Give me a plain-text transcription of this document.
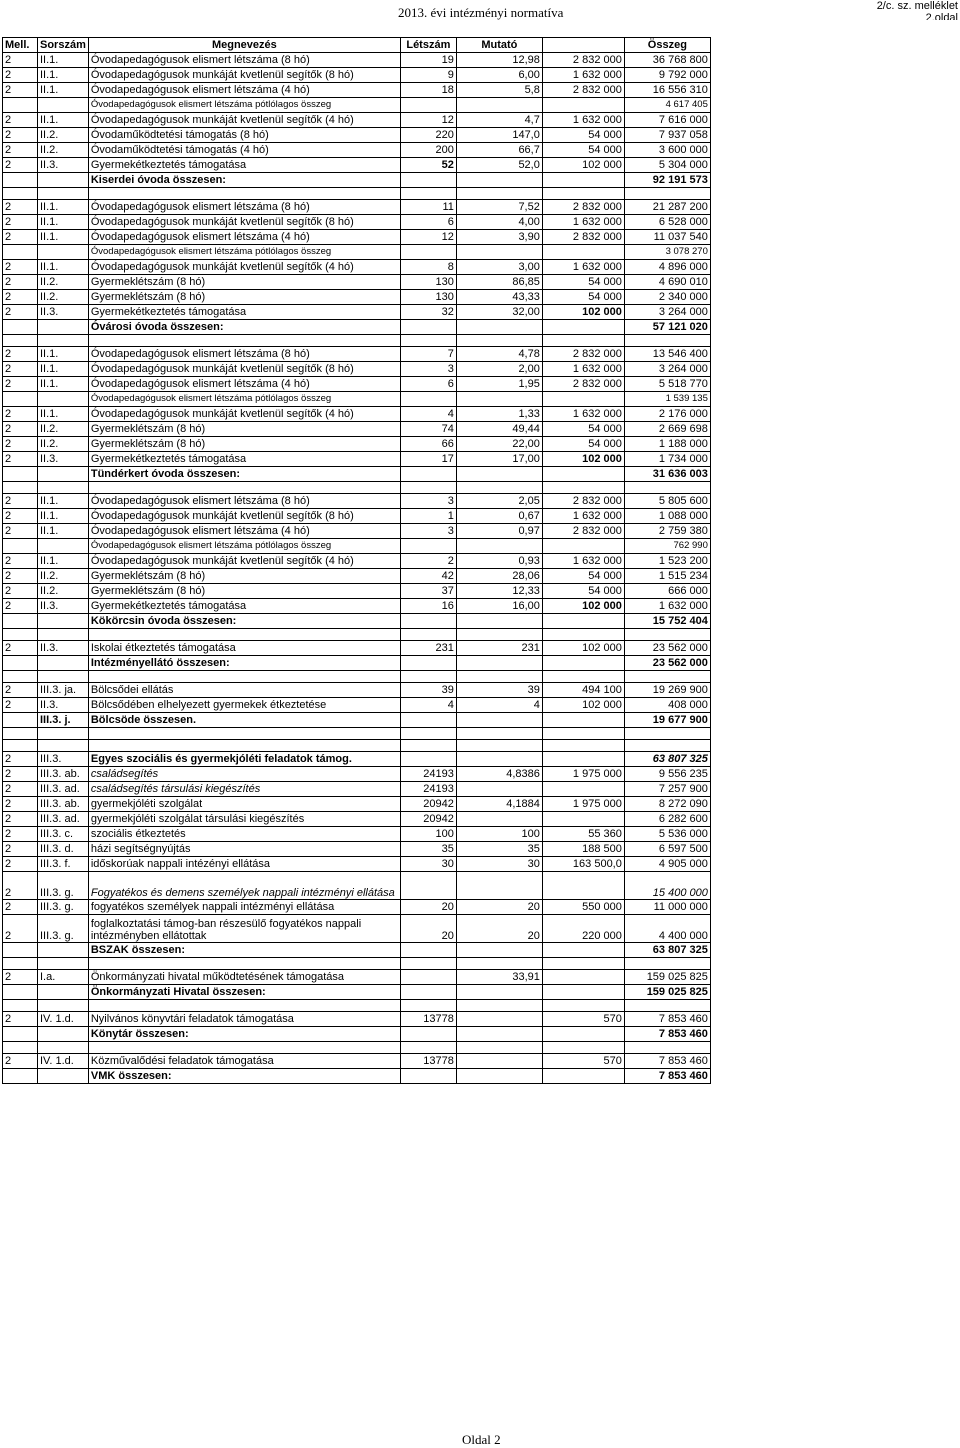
2013. évi intézményi normatíva	2/c. sz. melléklet
2.oldal
Mell.	Sorszám	Megnevezés	Létszám	Mutató		Összeg
2	II.1.	Óvodapedagógusok elismert létszáma (8 hó)	19	12,98	2 832 000	36 768 800
2	II.1.	Óvodapedagógusok munkáját kvetlenül segítők (8 hó)	9	6,00	1 632 000	9 792 000
2	II.1.	Óvodapedagógusok elismert létszáma (4 hó)	18	5,8	2 832 000	16 556 310
		Óvodapedagógusok elismert létszáma pótlólagos összeg				4 617 405
2	II.1.	Óvodapedagógusok munkáját kvetlenül segítők (4 hó)	12	4,7	1 632 000	7 616 000
2	II.2.	Óvodaműködtetési támogatás (8 hó)	220	147,0	54 000	7 937 058
2	II.2.	Óvodaműködtetési támogatás (4 hó)	200	66,7	54 000	3 600 000
2	II.3.	Gyermekétkeztetés támogatása	52	52,0	102 000	5 304 000
		Kiserdei óvoda összesen:				92 191 573

2	II.1.	Óvodapedagógusok elismert létszáma (8 hó)	11	7,52	2 832 000	21 287 200
2	II.1.	Óvodapedagógusok munkáját kvetlenül segítők (8 hó)	6	4,00	1 632 000	6 528 000
2	II.1.	Óvodapedagógusok elismert létszáma (4 hó)	12	3,90	2 832 000	11 037 540
		Óvodapedagógusok elismert létszáma pótlólagos összeg				3 078 270
2	II.1.	Óvodapedagógusok munkáját kvetlenül segítők (4 hó)	8	3,00	1 632 000	4 896 000
2	II.2.	Gyermeklétszám (8 hó)	130	86,85	54 000	4 690 010
2	II.2.	Gyermeklétszám (8 hó)	130	43,33	54 000	2 340 000
2	II.3.	Gyermekétkeztetés támogatása	32	32,00	102 000	3 264 000
		Óvárosi óvoda összesen:				57 121 020

2	II.1.	Óvodapedagógusok elismert létszáma (8 hó)	7	4,78	2 832 000	13 546 400
2	II.1.	Óvodapedagógusok munkáját kvetlenül segítők (8 hó)	3	2,00	1 632 000	3 264 000
2	II.1.	Óvodapedagógusok elismert létszáma (4 hó)	6	1,95	2 832 000	5 518 770
		Óvodapedagógusok elismert létszáma pótlólagos összeg				1 539 135
2	II.1.	Óvodapedagógusok munkáját kvetlenül segítők (4 hó)	4	1,33	1 632 000	2 176 000
2	II.2.	Gyermeklétszám (8 hó)	74	49,44	54 000	2 669 698
2	II.2.	Gyermeklétszám (8 hó)	66	22,00	54 000	1 188 000
2	II.3.	Gyermekétkeztetés támogatása	17	17,00	102 000	1 734 000
		Tündérkert óvoda összesen:				31 636 003

2	II.1.	Óvodapedagógusok elismert létszáma (8 hó)	3	2,05	2 832 000	5 805 600
2	II.1.	Óvodapedagógusok munkáját kvetlenül segítők (8 hó)	1	0,67	1 632 000	1 088 000
2	II.1.	Óvodapedagógusok elismert létszáma (4 hó)	3	0,97	2 832 000	2 759 380
		Óvodapedagógusok elismert létszáma pótlólagos összeg				762 990
2	II.1.	Óvodapedagógusok munkáját kvetlenül segítők (4 hó)	2	0,93	1 632 000	1 523 200
2	II.2.	Gyermeklétszám (8 hó)	42	28,06	54 000	1 515 234
2	II.2.	Gyermeklétszám (8 hó)	37	12,33	54 000	666 000
2	II.3.	Gyermekétkeztetés támogatása	16	16,00	102 000	1 632 000
		Kökörcsin óvoda összesen:				15 752 404

2	II.3.	Iskolai étkeztetés támogatása	231	231	102 000	23 562 000
		Intézményellátó összesen:				23 562 000

2	III.3. ja.	Bölcsődei ellátás	39	39	494 100	19 269 900
2	II.3.	Bölcsődében elhelyezett gyermekek étkeztetése	4	4	102 000	408 000
	III.3. j.	Bölcsöde összesen.				19 677 900

2	III.3.	Egyes szociális és gyermekjóléti feladatok támog.				63 807 325
2	III.3. ab.	családsegítés	24193	4,8386	1 975 000	9 556 235
2	III.3. ad.	családsegítés társulási kiegészítés	24193			7 257 900
2	III.3. ab.	gyermekjóléti szolgálat	20942	4,1884	1 975 000	8 272 090
2	III.3. ad.	gyermekjóléti szolgálat társulási kiegészítés	20942			6 282 600
2	III.3. c.	szociális étkeztetés	100	100	55 360	5 536 000
2	III.3. d.	házi segítségnyújtás	35	35	188 500	6 597 500
2	III.3. f.	időskorúak nappali intézényi ellátása	30	30	163 500,0	4 905 000
2	III.3. g.	Fogyatékos és demens személyek nappali intézményi ellátása				15 400 000
2	III.3. g.	fogyatékos személyek nappali intézményi ellátása	20	20	550 000	11 000 000
2	III.3. g.	foglalkoztatási támog-ban részesülő fogyatékos nappali intézményben ellátottak	20	20	220 000	4 400 000
		BSZAK összesen:				63 807 325

2	I.a.	Önkormányzati hivatal működtetésének támogatása		33,91		159 025 825
		Önkormányzati Hivatal összesen:				159 025 825

2	IV. 1.d.	Nyilvános könyvtári feladatok támogatása	13778		570	7 853 460
		Könytár összesen:				7 853 460

2	IV. 1.d.	Közművalődési feladatok támogatása	13778		570	7 853 460
		VMK összesen:				7 853 460
Oldal 2
